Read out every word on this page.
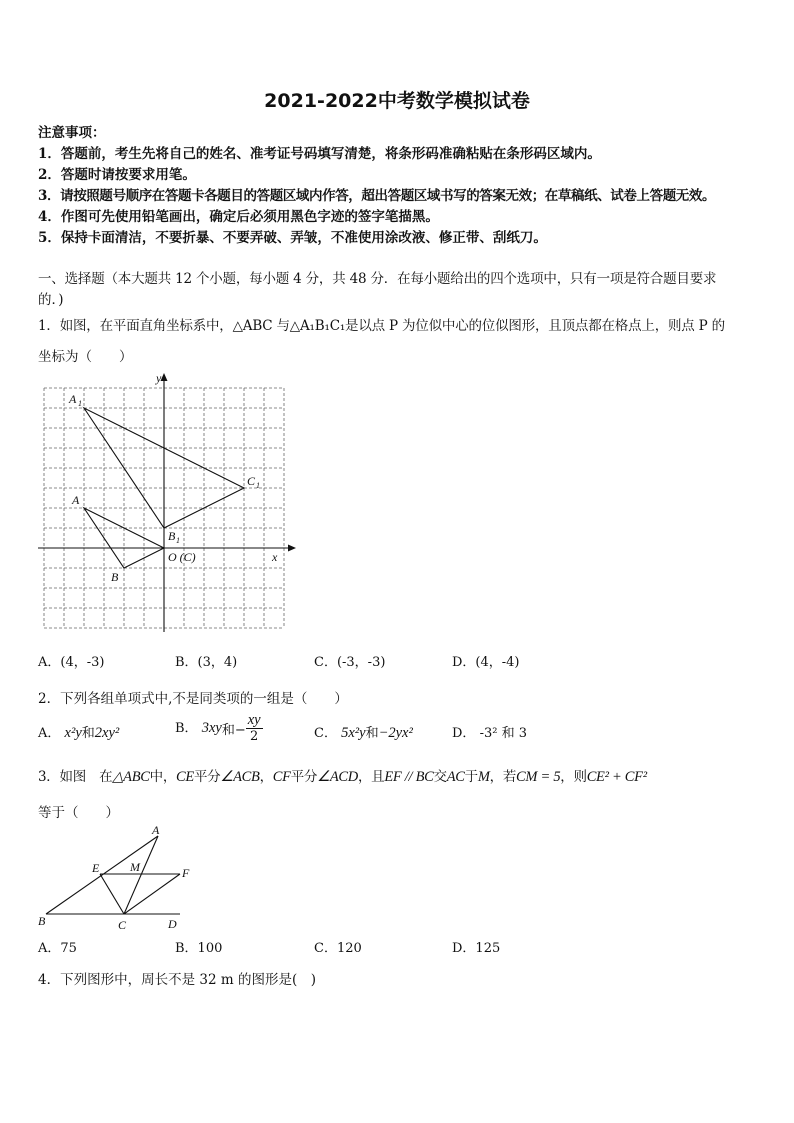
2021-2022中考数学模拟试卷
注意事项：
1．答题前，考生先将自己的姓名、准考证号码填写清楚，将条形码准确粘贴在条形码区域内。
2．答题时请按要求用笔。
3．请按照题号顺序在答题卡各题目的答题区域内作答，超出答题区域书写的答案无效；在草稿纸、试卷上答题无效。
4．作图可先使用铅笔画出，确定后必须用黑色字迹的签字笔描黑。
5．保持卡面清洁，不要折暴、不要弄破、弄皱，不准使用涂改液、修正带、刮纸刀。
一、选择题（本大题共 12 个小题，每小题 4 分，共 48 分．在每小题给出的四个选项中，只有一项是符合题目要求
的．)
1．如图，在平面直角坐标系中，△ABC 与△A₁B₁C₁是以点 P 为位似中心的位似图形，且顶点都在格点上，则点 P 的
坐标为（　　）
y
x
A 1
C 1
A
B 1
O (C)
B
A．(4，-3)	B．(3，4)	C．(-3，-3)	D．(4，-4)
2．下列各组单项式中,不是同类项的一组是（　　）
A． x²y和2xy²	B． 3xy和− $\frac{xy}{2}$	C． 5x²y和−2yx²	D． -3² 和 3
3．如图　在△ABC中，CE平分∠ACB，CF平分∠ACD，且EF // BC交AC于M，若CM = 5，则CE² + CF²
等于（　　）
A
E	M	F
B	C	D
A．75	B．100	C．120	D．125
4．下列图形中，周长不是 32 m 的图形是(　)
